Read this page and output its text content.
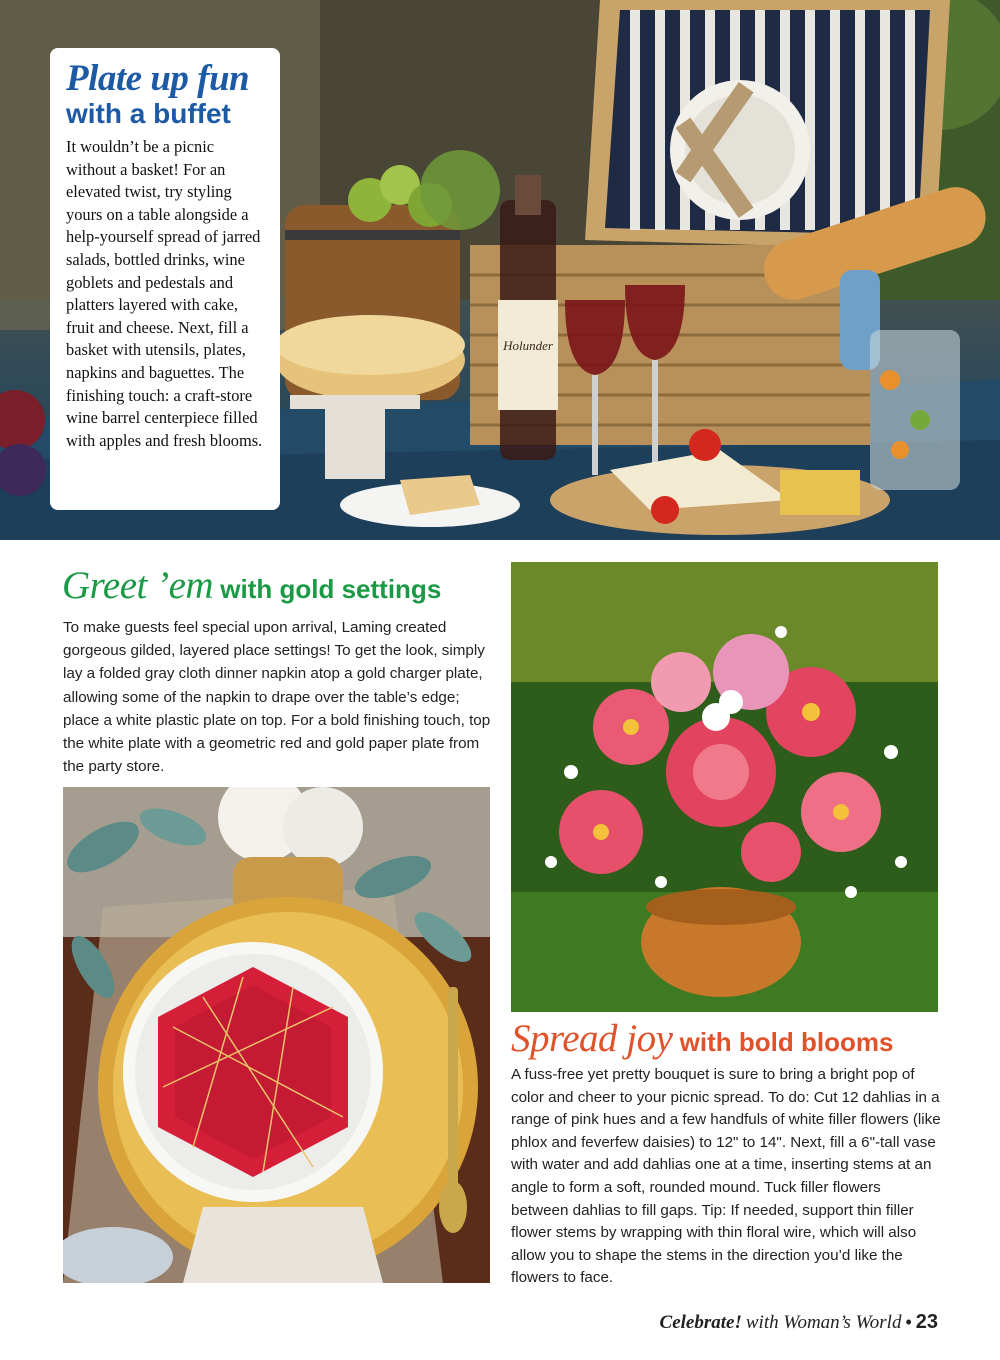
Holunder
Plate up fun
with a buffet
It wouldn’t be a picnic without a basket! For an elevated twist, try styling yours on a table alongside a help-yourself spread of jarred salads, bottled drinks, wine goblets and pedestals and platters layered with cake, fruit and cheese. Next, fill a basket with utensils, plates, napkins and baguettes. The finishing touch: a craft-store wine barrel centerpiece filled with apples and fresh blooms.
Greet ’em with gold settings
To make guests feel special upon arrival, Laming created gorgeous gilded, layered place settings! To get the look, simply lay a folded gray cloth dinner napkin atop a gold charger plate, allowing some of the napkin to drape over the table’s edge; place a white plastic plate on top. For a bold finishing touch, top the white plate with a geometric red and gold paper plate from the party store.
Spread joy with bold blooms
A fuss-free yet pretty bouquet is sure to bring a bright pop of color and cheer to your picnic spread. To do: Cut 12 dahlias in a range of pink hues and a few handfuls of white filler flowers (like phlox and feverfew daisies) to 12" to 14". Next, fill a 6"-tall vase with water and add dahlias one at a time, inserting stems at an angle to form a soft, rounded mound. Tuck filler flowers between dahlias to fill gaps. Tip: If needed, support thin filler flower stems by wrapping with thin floral wire, which will also allow you to shape the stems in the direction you’d like the flowers to face.
Celebrate! with Woman’s World • 23
